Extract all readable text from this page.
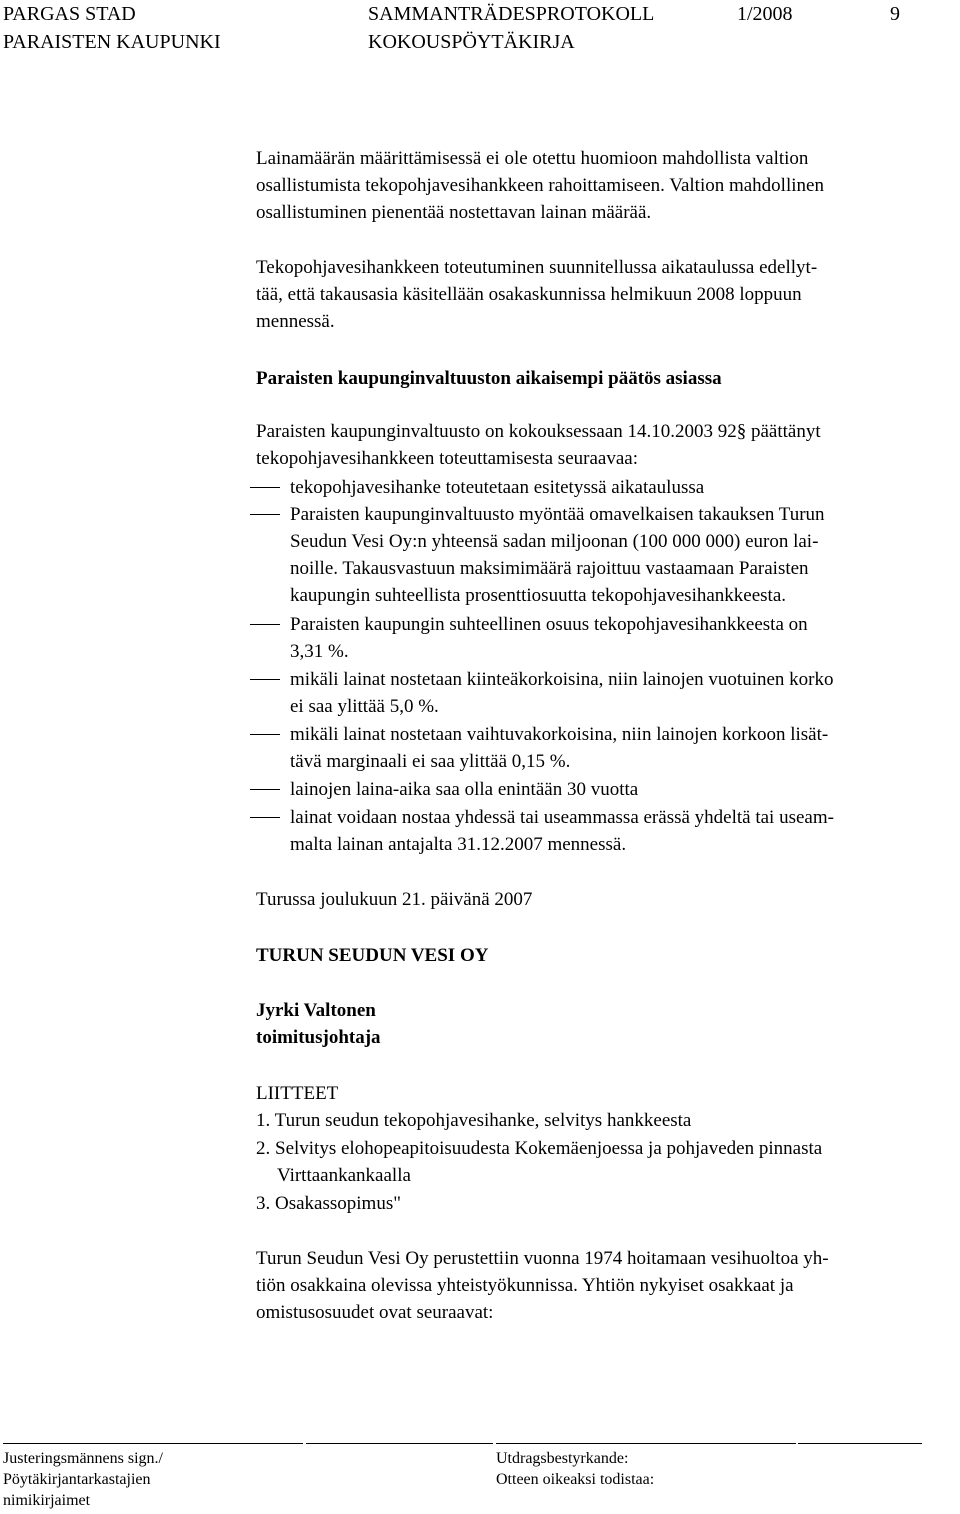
PARGAS STAD
PARAISTEN KAUPUNKI
SAMMANTRÄDESPROTOKOLL
KOKOUSPÖYTÄKIRJA
1/2008	9
Lainamäärän määrittämisessä ei ole otettu huomioon mahdollista valtion
osallistumista tekopohjavesihankkeen rahoittamiseen. Valtion mahdollinen
osallistuminen pienentää nostettavan lainan määrää.
Tekopohjavesihankkeen toteutuminen suunnitellussa aikataulussa edellyt-
tää, että takausasia käsitellään osakaskunnissa helmikuun 2008 loppuun
mennessä.
Paraisten kaupunginvaltuuston aikaisempi päätös asiassa
Paraisten kaupunginvaltuusto on kokouksessaan 14.10.2003 92§ päättänyt
tekopohjavesihankkeen toteuttamisesta seuraavaa:
tekopohjavesihanke toteutetaan esitetyssä aikataulussa
Paraisten kaupunginvaltuusto myöntää omavelkaisen takauksen Turun
Seudun Vesi Oy:n yhteensä sadan miljoonan (100 000 000) euron lai-
noille. Takausvastuun maksimimäärä rajoittuu vastaamaan Paraisten
kaupungin suhteellista prosenttiosuutta tekopohjavesihankkeesta.
Paraisten kaupungin suhteellinen osuus tekopohjavesihankkeesta on
3,31 %.
mikäli lainat nostetaan kiinteäkorkoisina, niin lainojen vuotuinen korko
ei saa ylittää 5,0 %.
mikäli lainat nostetaan vaihtuvakorkoisina, niin lainojen korkoon lisät-
tävä marginaali ei saa ylittää 0,15 %.
lainojen laina-aika saa olla enintään 30 vuotta
lainat voidaan nostaa yhdessä tai useammassa erässä yhdeltä tai useam-
malta lainan antajalta 31.12.2007 mennessä.
Turussa joulukuun 21. päivänä 2007
TURUN SEUDUN VESI OY
Jyrki Valtonen
toimitusjohtaja
LIITTEET
1. Turun seudun tekopohjavesihanke, selvitys hankkeesta
2. Selvitys elohopeapitoisuudesta Kokemäenjoessa ja pohjaveden pinnasta
Virttaankankaalla
3. Osakassopimus"
Turun Seudun Vesi Oy perustettiin vuonna 1974 hoitamaan vesihuoltoa yh-
tiön osakkaina olevissa yhteistyökunnissa. Yhtiön nykyiset osakkaat ja
omistusosuudet ovat seuraavat:
Justeringsmännens sign./
Pöytäkirjantarkastajien
nimikirjaimet
Utdragsbestyrkande:
Otteen oikeaksi todistaa:
